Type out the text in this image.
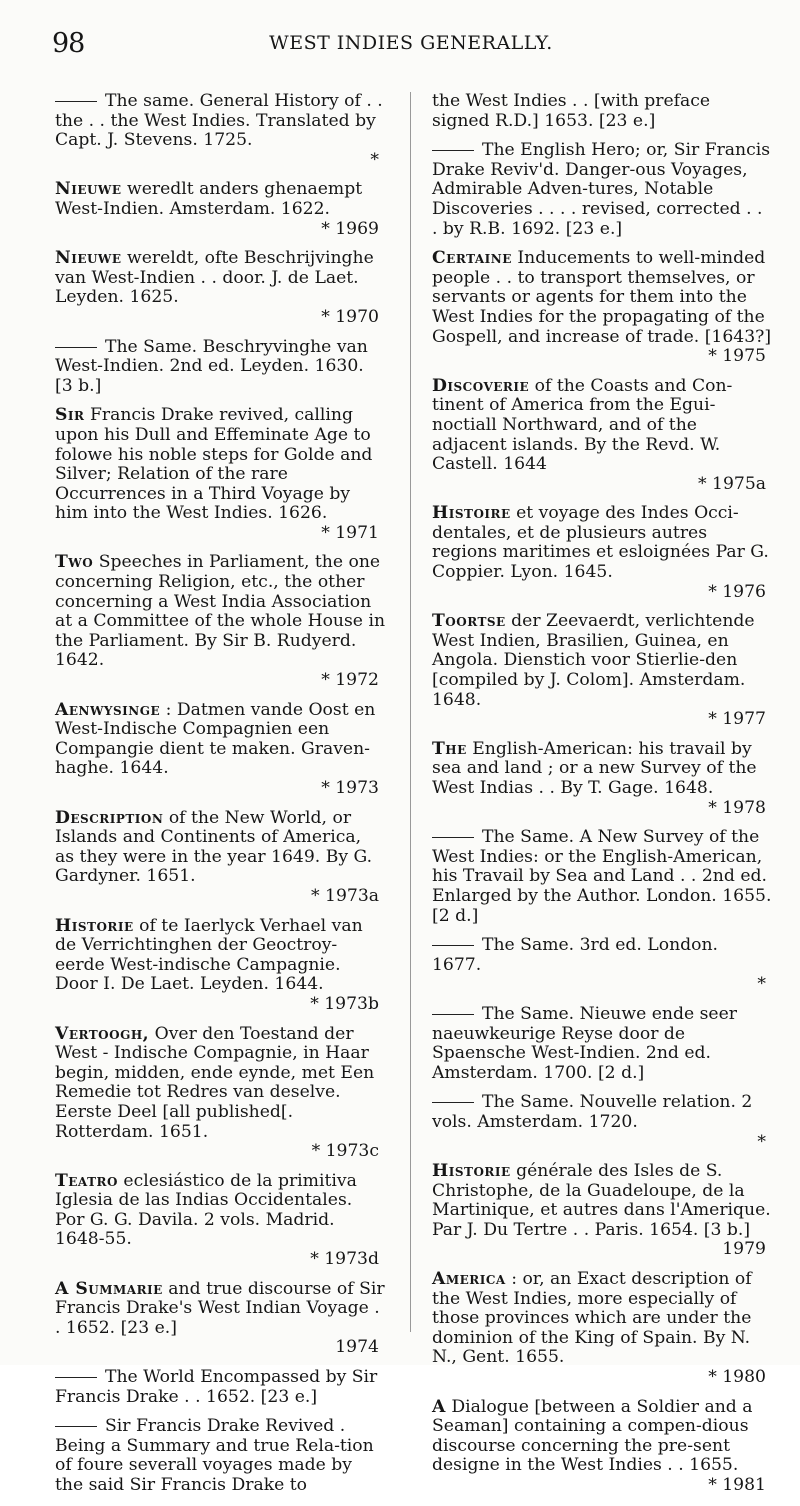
98	WEST INDIES GENERALLY.
The same. General History of . . the . . the West Indies. Translated by Capt. J. Stevens. 1725.
*
Nieuwe weredlt anders ghenaempt West-Indien. Amsterdam. 1622.
* 1969
Nieuwe wereldt, ofte Beschrijvinghe van West-Indien . . door. J. de Laet. Leyden. 1625.
* 1970
The Same. Beschryvinghe van West-Indien. 2nd ed. Leyden. 1630. [3 b.]
Sir Francis Drake revived, calling upon his Dull and Effeminate Age to folowe his noble steps for Golde and Silver; Relation of the rare Occurrences in a Third Voyage by him into the West Indies. 1626.
* 1971
Two Speeches in Parliament, the one concerning Religion, etc., the other concerning a West India Association at a Committee of the whole House in the Parliament. By Sir B. Rudyerd. 1642.
* 1972
Aenwysinge : Datmen vande Oost en West-Indische Compagnien een Compangie dient te maken. Graven-haghe. 1644.
* 1973
Description of the New World, or Islands and Continents of America, as they were in the year 1649. By G. Gardyner. 1651.
* 1973a
Historie of te Iaerlyck Verhael van de Verrichtinghen der Geoctroy-eerde West-indische Campagnie. Door I. De Laet. Leyden. 1644.
* 1973b
Vertoogh, Over den Toestand der West - Indische Compagnie, in Haar begin, midden, ende eynde, met Een Remedie tot Redres van deselve. Eerste Deel [all published[. Rotterdam. 1651.
* 1973c
Teatro eclesiástico de la primitiva Iglesia de las Indias Occidentales. Por G. G. Davila. 2 vols. Madrid. 1648-55.
* 1973d
A Summarie and true discourse of Sir Francis Drake's West Indian Voyage . . 1652. [23 e.]
1974
The World Encompassed by Sir Francis Drake . . 1652. [23 e.]
Sir Francis Drake Revived . Being a Summary and true Rela-tion of foure severall voyages made by the said Sir Francis Drake to
the West Indies . . [with preface signed R.D.] 1653. [23 e.]
The English Hero; or, Sir Francis Drake Reviv'd. Danger-ous Voyages, Admirable Adven-tures, Notable Discoveries . . . . revised, corrected . . . by R.B. 1692. [23 e.]
Certaine Inducements to well-minded people . . to transport themselves, or servants or agents for them into the West Indies for the propagating of the Gospell, and increase of trade. [1643?]
* 1975
Discoverie of the Coasts and Con-tinent of America from the Egui-noctiall Northward, and of the adjacent islands. By the Revd. W. Castell. 1644
* 1975a
Histoire et voyage des Indes Occi-dentales, et de plusieurs autres regions maritimes et esloignées Par G. Coppier. Lyon. 1645.
* 1976
Toortse der Zeevaerdt, verlichtende West Indien, Brasilien, Guinea, en Angola. Dienstich voor Stierlie-den [compiled by J. Colom]. Amsterdam. 1648.
* 1977
The English-American: his travail by sea and land ; or a new Survey of the West Indias . . By T. Gage. 1648.
* 1978
The Same. A New Survey of the West Indies: or the English-American, his Travail by Sea and Land . . 2nd ed. Enlarged by the Author. London. 1655. [2 d.]
The Same. 3rd ed. London. 1677.
*
The Same. Nieuwe ende seer naeuwkeurige Reyse door de Spaensche West-Indien. 2nd ed. Amsterdam. 1700. [2 d.]
The Same. Nouvelle relation. 2 vols. Amsterdam. 1720.
*
Historie générale des Isles de S. Christophe, de la Guadeloupe, de la Martinique, et autres dans l'Amerique. Par J. Du Tertre . . Paris. 1654. [3 b.]
1979
America : or, an Exact description of the West Indies, more especially of those provinces which are under the dominion of the King of Spain. By N. N., Gent. 1655.
* 1980
A Dialogue [between a Soldier and a Seaman] containing a compen-dious discourse concerning the pre-sent designe in the West Indies . . 1655.
* 1981
